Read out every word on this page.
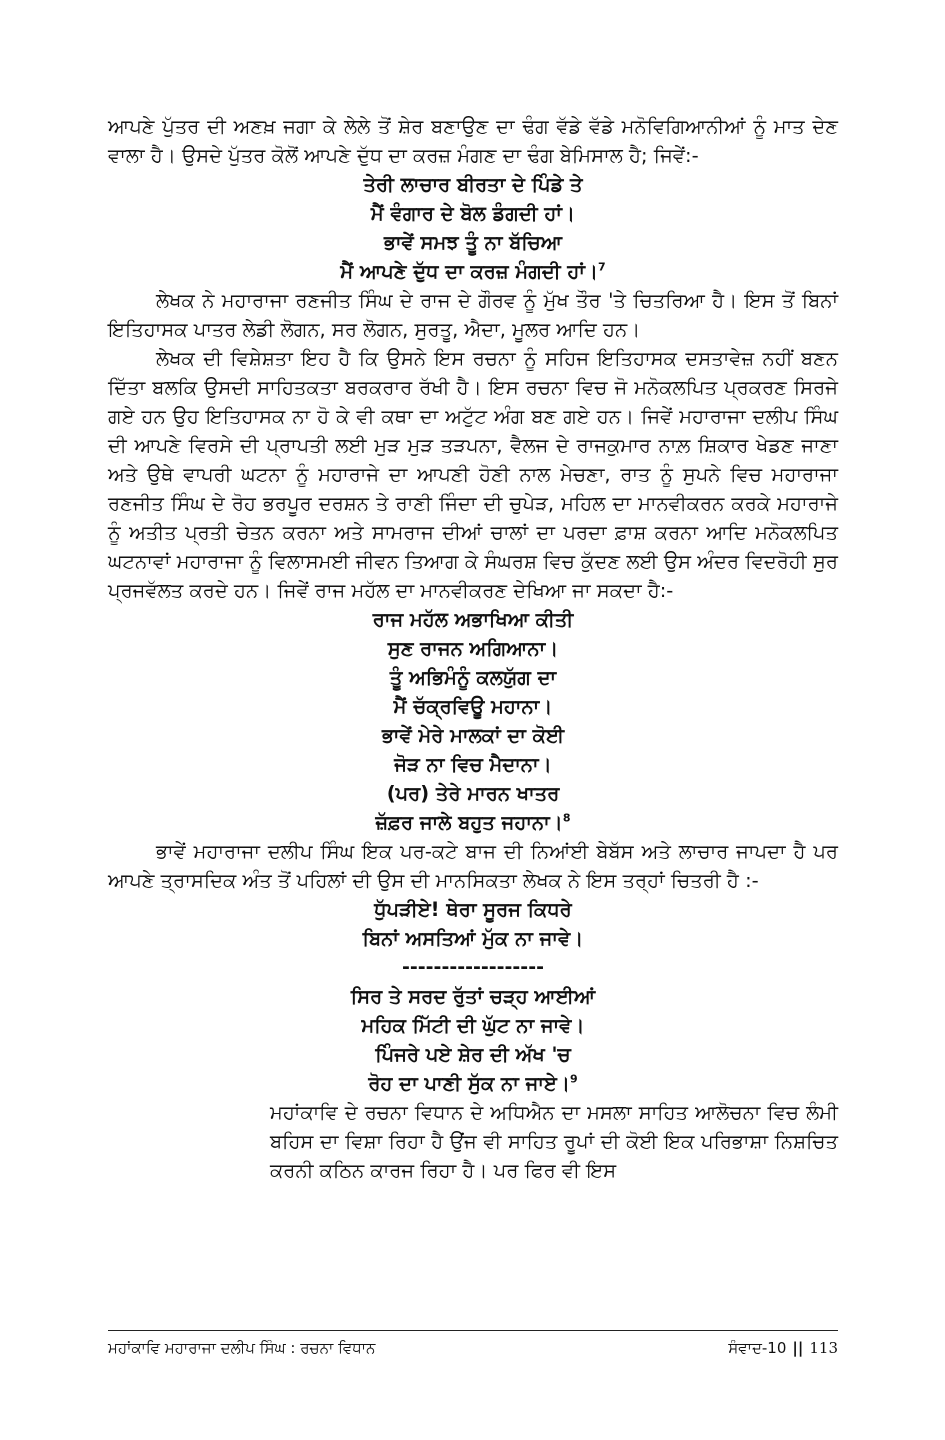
ਆਪਣੇ ਪੁੱਤਰ ਦੀ ਅਣਖ਼ ਜਗਾ ਕੇ ਲੇਲੇ ਤੋਂ ਸ਼ੇਰ ਬਣਾਉਣ ਦਾ ਢੰਗ ਵੱਡੇ ਵੱਡੇ ਮਨੋਵਿਗਿਆਨੀਆਂ ਨੂੰ ਮਾਤ ਦੇਣ ਵਾਲਾ ਹੈ। ਉਸਦੇ ਪੁੱਤਰ ਕੋਲੋਂ ਆਪਣੇ ਦੁੱਧ ਦਾ ਕਰਜ਼ ਮੰਗਣ ਦਾ ਢੰਗ ਬੇਮਿਸਾਲ ਹੈ; ਜਿਵੇਂ:-

ਤੇਰੀ ਲਾਚਾਰ ਬੀਰਤਾ ਦੇ ਪਿੰਡੇ ਤੇ
ਮੈਂ ਵੰਗਾਰ ਦੇ ਬੋਲ ਡੰਗਦੀ ਹਾਂ।
ਭਾਵੇਂ ਸਮਝ ਤੂੰ ਨਾ ਬੱਚਿਆ
ਮੈਂ ਆਪਣੇ ਦੁੱਧ ਦਾ ਕਰਜ਼ ਮੰਗਦੀ ਹਾਂ।$^7$

ਲੇਖਕ ਨੇ ਮਹਾਰਾਜਾ ਰਣਜੀਤ ਸਿੰਘ ਦੇ ਰਾਜ ਦੇ ਗੌਰਵ ਨੂੰ ਮੁੱਖ ਤੌਰ 'ਤੇ ਚਿਤਰਿਆ ਹੈ। ਇਸ ਤੋਂ ਬਿਨਾਂ ਇਤਿਹਾਸਕ ਪਾਤਰ ਲੇਡੀ ਲੋਗਨ, ਸਰ ਲੋਗਨ, ਸੁਰਤੂ, ਐਦਾ, ਮੂਲਰ ਆਦਿ ਹਨ।

ਲੇਖਕ ਦੀ ਵਿਸ਼ੇਸ਼ਤਾ ਇਹ ਹੈ ਕਿ ਉਸਨੇ ਇਸ ਰਚਨਾ ਨੂੰ ਸਹਿਜ ਇਤਿਹਾਸਕ ਦਸਤਾਵੇਜ਼ ਨਹੀਂ ਬਣਨ ਦਿੱਤਾ ਬਲਕਿ ਉਸਦੀ ਸਾਹਿਤਕਤਾ ਬਰਕਰਾਰ ਰੱਖੀ ਹੈ। ਇਸ ਰਚਨਾ ਵਿਚ ਜੋ ਮਨੋਕਲਪਿਤ ਪ੍ਰਕਰਣ ਸਿਰਜੇ ਗਏ ਹਨ ਉਹ ਇਤਿਹਾਸਕ ਨਾ ਹੋ ਕੇ ਵੀ ਕਥਾ ਦਾ ਅਟੁੱਟ ਅੰਗ ਬਣ ਗਏ ਹਨ। ਜਿਵੇਂ ਮਹਾਰਾਜਾ ਦਲੀਪ ਸਿੰਘ ਦੀ ਆਪਣੇ ਵਿਰਸੇ ਦੀ ਪ੍ਰਾਪਤੀ ਲਈ ਮੁੜ ਮੁੜ ਤੜਪਨਾ, ਵੈਲਜ ਦੇ ਰਾਜਕੁਮਾਰ ਨਾਲ਼ ਸ਼ਿਕਾਰ ਖੇਡਣ ਜਾਣਾ ਅਤੇ ਉਥੇ ਵਾਪਰੀ ਘਟਨਾ ਨੂੰ ਮਹਾਰਾਜੇ ਦਾ ਆਪਣੀ ਹੋਣੀ ਨਾਲ ਮੇਚਣਾ, ਰਾਤ ਨੂੰ ਸੁਪਨੇ ਵਿਚ ਮਹਾਰਾਜਾ ਰਣਜੀਤ ਸਿੰਘ ਦੇ ਰੋਹ ਭਰਪੂਰ ਦਰਸ਼ਨ ਤੇ ਰਾਣੀ ਜਿੰਦਾ ਦੀ ਚੁਪੇੜ, ਮਹਿਲ ਦਾ ਮਾਨਵੀਕਰਨ ਕਰਕੇ ਮਹਾਰਾਜੇ ਨੂੰ ਅਤੀਤ ਪ੍ਰਤੀ ਚੇਤਨ ਕਰਨਾ ਅਤੇ ਸਾਮਰਾਜ ਦੀਆਂ ਚਾਲਾਂ ਦਾ ਪਰਦਾ ਫ਼ਾਸ਼ ਕਰਨਾ ਆਦਿ ਮਨੋਕਲਪਿਤ ਘਟਨਾਵਾਂ ਮਹਾਰਾਜਾ ਨੂੰ ਵਿਲਾਸਮਈ ਜੀਵਨ ਤਿਆਗ ਕੇ ਸੰਘਰਸ਼ ਵਿਚ ਕੁੱਦਣ ਲਈ ਉਸ ਅੰਦਰ ਵਿਦਰੋਹੀ ਸੁਰ ਪ੍ਰਜਵੱਲਤ ਕਰਦੇ ਹਨ। ਜਿਵੇਂ ਰਾਜ ਮਹੱਲ ਦਾ ਮਾਨਵੀਕਰਣ ਦੇਖਿਆ ਜਾ ਸਕਦਾ ਹੈ:-

ਰਾਜ ਮਹੱਲ ਅਭਾਖਿਆ ਕੀਤੀ
ਸੁਣ ਰਾਜਨ ਅਗਿਆਨਾ।
ਤੂੰ ਅਭਿਮੰਨੂੰ ਕਲਯੁੱਗ ਦਾ
ਮੈਂ ਚੱਕ੍ਰਵਿਊ ਮਹਾਨਾ।
ਭਾਵੇਂ ਮੇਰੇ ਮਾਲਕਾਂ ਦਾ ਕੋਈ
ਜੋੜ ਨਾ ਵਿਚ ਮੈਦਾਨਾ।
(ਪਰ) ਤੇਰੇ ਮਾਰਨ ਖਾਤਰ
ਜ਼ੱਫ਼ਰ ਜਾਲੇ ਬਹੁਤ ਜਹਾਨਾ।$^8$

ਭਾਵੇਂ ਮਹਾਰਾਜਾ ਦਲੀਪ ਸਿੰਘ ਇਕ ਪਰ-ਕਟੇ ਬਾਜ ਦੀ ਨਿਆਂਈ ਬੇਬੱਸ ਅਤੇ ਲਾਚਾਰ ਜਾਪਦਾ ਹੈ ਪਰ ਆਪਣੇ ਤ੍ਰਾਸਦਿਕ ਅੰਤ ਤੋਂ ਪਹਿਲਾਂ ਦੀ ਉਸ ਦੀ ਮਾਨਸਿਕਤਾ ਲੇਖਕ ਨੇ ਇਸ ਤਰ੍ਹਾਂ ਚਿਤਰੀ ਹੈ :-

ਧੁੱਪੜੀਏ! ਥੇਰਾ ਸੂਰਜ ਕਿਧਰੇ
ਬਿਨਾਂ ਅਸਤਿਆਂ ਮੁੱਕ ਨਾ ਜਾਵੇ।
------------------
ਸਿਰ ਤੇ ਸਰਦ ਰੁੱਤਾਂ ਚੜ੍ਹ ਆਈਆਂ
ਮਹਿਕ ਮਿੱਟੀ ਦੀ ਘੁੱਟ ਨਾ ਜਾਵੇ।
ਪਿੰਜਰੇ ਪਏ ਸ਼ੇਰ ਦੀ ਅੱਖ 'ਚ
ਰੋਹ ਦਾ ਪਾਣੀ ਸੁੱਕ ਨਾ ਜਾਏ।$^9$

ਮਹਾਂਕਾਵਿ ਦੇ ਰਚਨਾ ਵਿਧਾਨ ਦੇ ਅਧਿਐਨ ਦਾ ਮਸਲਾ ਸਾਹਿਤ ਆਲੋਚਨਾ ਵਿਚ ਲੰਮੀ ਬਹਿਸ ਦਾ ਵਿਸ਼ਾ ਰਿਹਾ ਹੈ ਉਂਜ ਵੀ ਸਾਹਿਤ ਰੂਪਾਂ ਦੀ ਕੋਈ ਇਕ ਪਰਿਭਾਸ਼ਾ ਨਿਸ਼ਚਿਤ ਕਰਨੀ ਕਠਿਨ ਕਾਰਜ ਰਿਹਾ ਹੈ। ਪਰ ਫਿਰ ਵੀ ਇਸ

ਮਹਾਂਕਾਵਿ ਮਹਾਰਾਜਾ ਦਲੀਪ ਸਿੰਘ : ਰਚਨਾ ਵਿਧਾਨ	ਸੰਵਾਦ-10 || 113
